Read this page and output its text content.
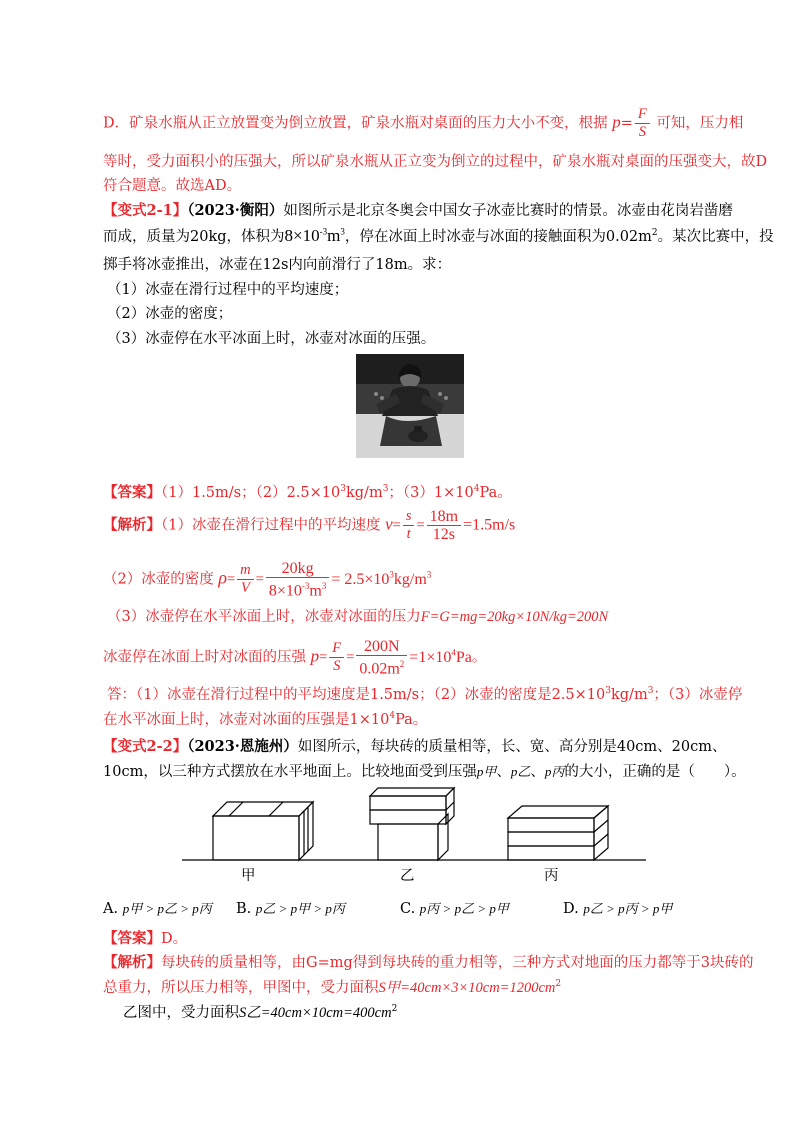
D．矿泉水瓶从正立放置变为倒立放置，矿泉水瓶对桌面的压力大小不变，根据 $p= \frac{F}{S}$ 可知，压力相
等时，受力面积小的压强大，所以矿泉水瓶从正立变为倒立的过程中，矿泉水瓶对桌面的压强变大，故D
符合题意。故选AD。
【变式2-1】（2023·衡阳）如图所示是北京冬奥会中国女子冰壶比赛时的情景。冰壶由花岗岩凿磨
而成，质量为20kg，体积为$8\times 10^{-3}m^3$，停在冰面上时冰壶与冰面的接触面积为$0.02m^2$。某次比赛中，投
掷手将冰壶推出，冰壶在12s内向前滑行了18m。求：
（1）冰壶在滑行过程中的平均速度；
（2）冰壶的密度；
（3）冰壶停在水平冰面上时，冰壶对冰面的压强。
【答案】（1）1.5m/s；$(2)2.5\times 10^3kg/m^3$；$(3)1\times 10^4Pa$。
【解析】（1）冰壶在滑行过程中的平均速度 $v= \frac{s}{t} = \frac{18m}{12s} =1.5m/s$
（2）冰壶的密度 $\rho= \frac{m}{V} = \frac{20kg}{8\times 10^{-3}m^3} = 2.5\times 10^3kg/m^3$
（3）冰壶停在水平冰面上时，冰壶对冰面的压力F=G=mg=20kg×10N/kg=200N
冰壶停在冰面上时对冰面的压强 $p= \frac{F}{S} = \frac{200N}{0.02m^2} =1\times 10^4Pa$。
答：（1）冰壶在滑行过程中的平均速度是1.5m/s；（2）冰壶的密度是$2.5\times 10^3kg/m^3$；（3）冰壶停
在水平冰面上时，冰壶对冰面的压强是$1\times 10^4Pa$。
【变式2-2】（2023·恩施州）如图所示，每块砖的质量相等，长、宽、高分别是40cm、20cm、
10cm，以三种方式摆放在水平地面上。比较地面受到压强p甲、p乙、p丙的大小，正确的是（　　）。
甲	乙	丙
A. p甲 > p乙 > p丙 B. p乙 > p甲 > p丙	C. p丙 > p乙 > p甲	D. p乙 > p丙 > p甲
【答案】D。
【解析】每块砖的质量相等，由G=mg得到每块砖的重力相等，三种方式对地面的压力都等于3块砖的
总重力，所以压力相等，甲图中，受力面积S甲$=40cm\times 3\times 10cm=1200cm^2$
乙图中，受力面积S乙$=40cm\times 10cm=400cm^2$
